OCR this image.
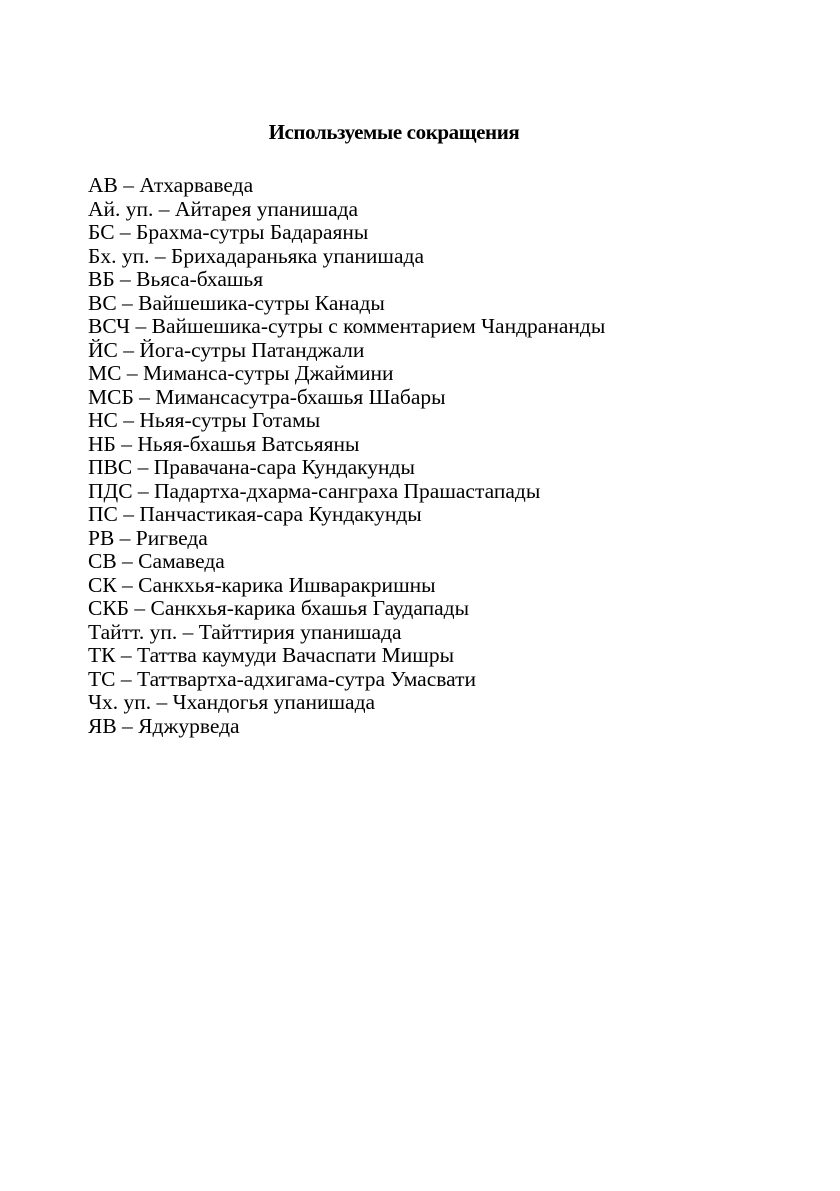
Используемые сокращения
АВ – Атхарваведа
Ай. уп. – Айтарея упанишада
БС – Брахма-сутры Бадараяны
Бх. уп. – Брихадараньяка упанишада
ВБ – Вьяса-бхашья
ВС – Вайшешика-сутры Канады
ВСЧ – Вайшешика-сутры с комментарием Чандрананды
ЙС – Йога-сутры Патанджали
МС – Миманса-сутры Джаймини
МСБ – Мимансасутра-бхашья Шабары
НС – Ньяя-сутры Готамы
НБ – Ньяя-бхашья Ватсьяяны
ПВС – Правачана-сара Кундакунды
ПДС – Падартха-дхарма-санграха Прашастапады
ПС – Панчастикая-сара Кундакунды
РВ – Ригведа
СВ – Самаведа
СК – Санкхья-карика Ишваракришны
СКБ – Санкхья-карика бхашья Гаудапады
Тайтт. уп. – Тайттирия упанишада
ТК – Таттва каумуди Вачаспати Мишры
ТС – Таттвартха-адхигама-сутра Умасвати
Чх. уп. – Чхандогья упанишада
ЯВ – Яджурведа
